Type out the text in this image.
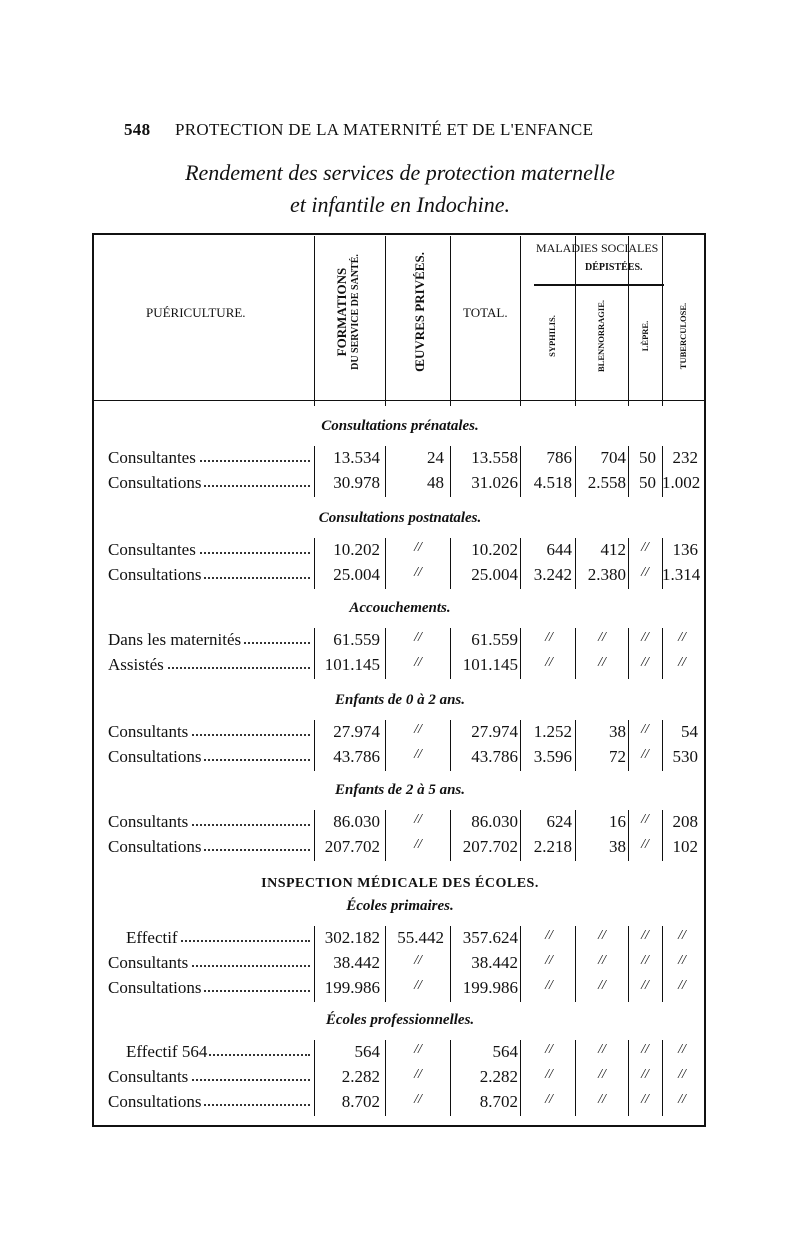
548 PROTECTION DE LA MATERNITÉ ET DE L'ENFANCE
Rendement des services de protection maternelle
et infantile en Indochine.
PUÉRICULTURE.	FORMATIONS DU SERVICE DE SANTÉ.	ŒUVRES PRIVÉES.	TOTAL.
MALADIES SOCIALES
DÉPISTÉES.
SYPHILIS.	BLENNORRAGIE.	LÈPRE.	TUBERCULOSE.
Consultations prénatales.
Consultantes	13.534	24	13.558	786	704 50 232
Consultations	30.978	48	31.026 4.518 2.558 50 1.002
Consultations postnatales.
Consultantes	10.202	//	10.202	644	412	//	136
Consultations	25.004	//	25.004 3.242 2.380	// 1.314
Accouchements.
Dans les maternités	61.559	//	61.559	//	//	//	//
Assistés	101.145	//	101.145	//	//	//	//
Enfants de 0 à 2 ans.
Consultants	27.974	//	27.974 1.252	38	//	54
Consultations	43.786	//	43.786 3.596	72	//	530
Enfants de 2 à 5 ans.
Consultants	86.030	//	86.030	624	16	//	208
Consultations	207.702	//	207.702 2.218	38	//	102
INSPECTION MÉDICALE DES ÉCOLES.
Écoles primaires.
Effectif	302.182	55.442	357.624	//	//	//	//
Consultants	38.442	//	38.442	//	//	//	//
Consultations	199.986	//	199.986	//	//	//	//
Écoles professionnelles.
Effectif 564	564	//	564	//	//	//	//
Consultants	2.282	//	2.282	//	//	//	//
Consultations	8.702	//	8.702	//	//	//	//
